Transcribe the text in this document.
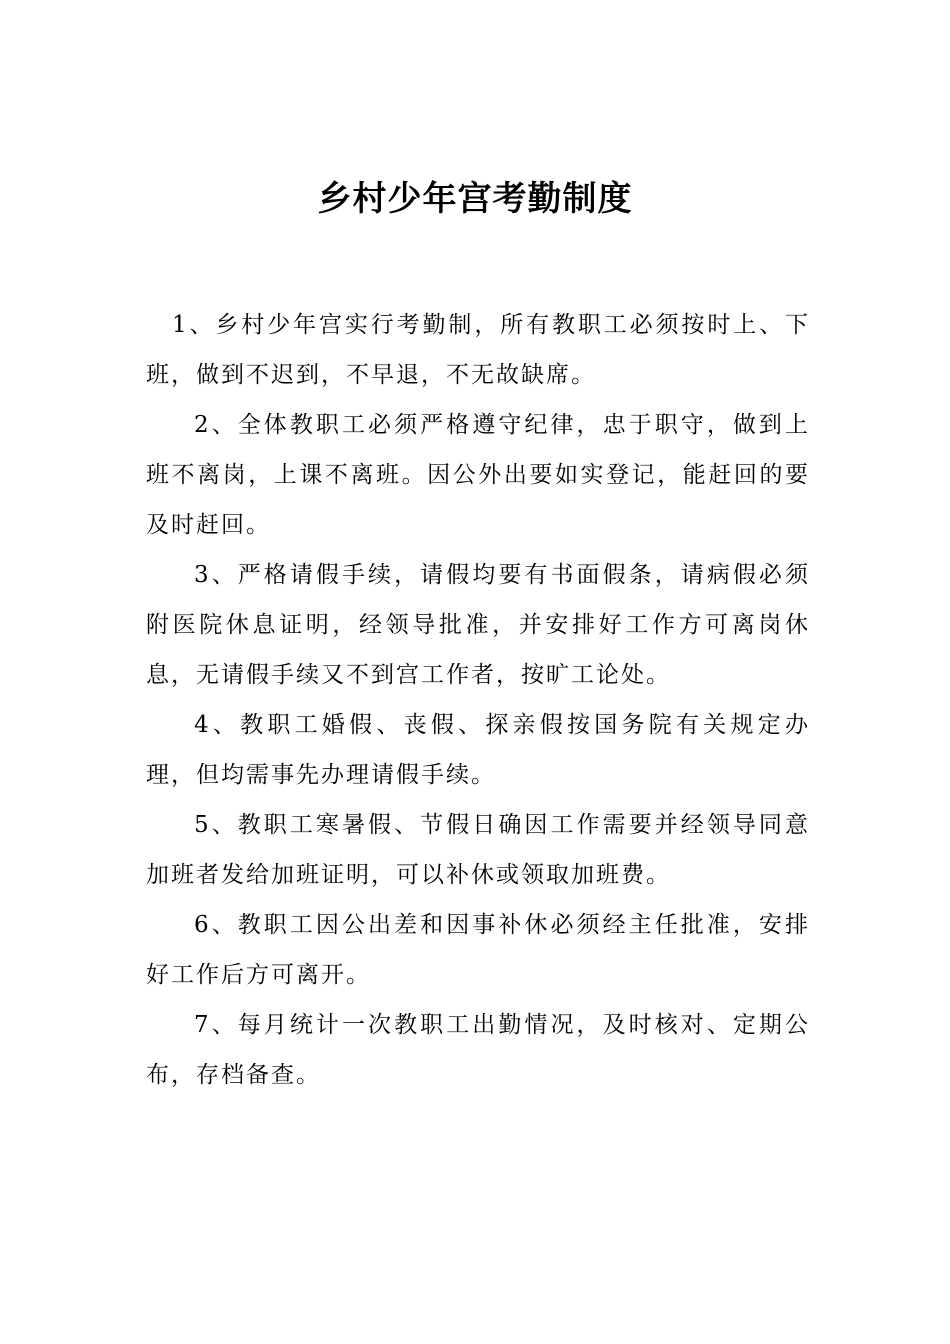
乡村少年宫考勤制度

1、乡村少年宫实行考勤制，所有教职工必须按时上、下班，做到不迟到，不早退，不无故缺席。

2、全体教职工必须严格遵守纪律，忠于职守，做到上班不离岗，上课不离班。因公外出要如实登记，能赶回的要及时赶回。

3、严格请假手续，请假均要有书面假条，请病假必须附医院休息证明，经领导批准，并安排好工作方可离岗休息，无请假手续又不到宫工作者，按旷工论处。

4、教职工婚假、丧假、探亲假按国务院有关规定办理，但均需事先办理请假手续。

5、教职工寒暑假、节假日确因工作需要并经领导同意加班者发给加班证明，可以补休或领取加班费。

6、教职工因公出差和因事补休必须经主任批准，安排好工作后方可离开。

7、每月统计一次教职工出勤情况，及时核对、定期公布，存档备查。
